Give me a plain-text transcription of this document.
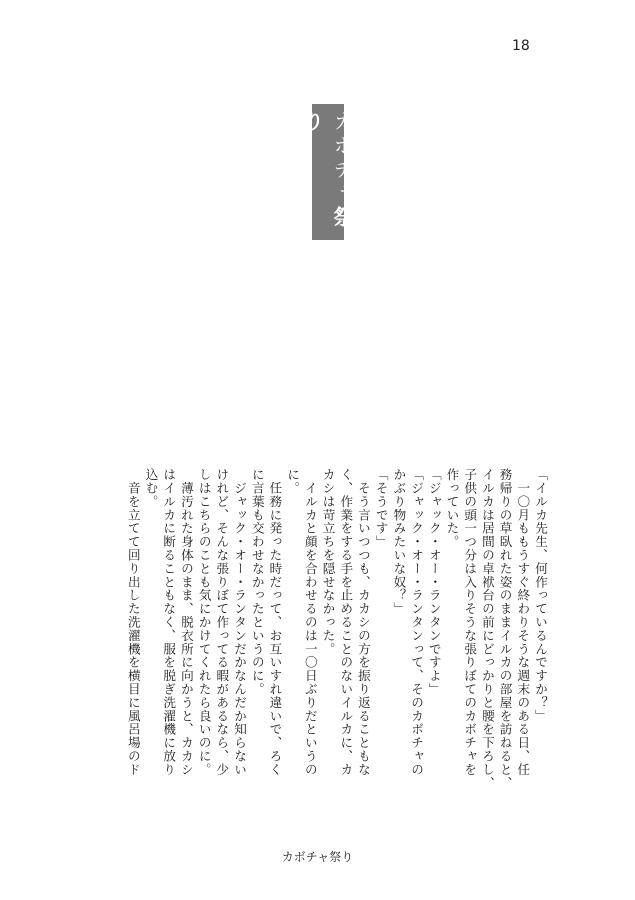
18
カボチャ祭り

「イルカ先生、何作っているんですか？」

　一〇月ももうすぐ終わりそうな週末のある日、任

務帰りの草臥れた姿のままイルカの部屋を訪ねると、

イルカは居間の卓袱台の前にどっかりと腰を下ろし、

子供の頭一つ分は入りそうな張りぼてのカボチャを

作っていた。

「ジャック・オー・ランタンですよ」

「ジャック・オー・ランタンって、そのカボチャの

かぶり物みたいな奴？」

「そうです」

　そう言いつつも、カカシの方を振り返ることもな

く、作業をする手を止めることのないイルカに、カ

カシは苛立ちを隠せなかった。

　イルカと顔を合わせるのは一〇日ぶりだというの

に。

　任務に発った時だって、お互いすれ違いで、ろく

に言葉も交わせなかったというのに。

　ジャック・オー・ランタンだかなんだか知らない

けれど、そんな張りぼて作ってる暇があるなら、少

しはこちらのことも気にかけてくれたら良いのに。

　薄汚れた身体のまま、脱衣所に向かうと、カカシ

はイルカに断ることもなく、服を脱ぎ洗濯機に放り

込む。

　音を立てて回り出した洗濯機を横目に風呂場のド

カボチャ祭り
